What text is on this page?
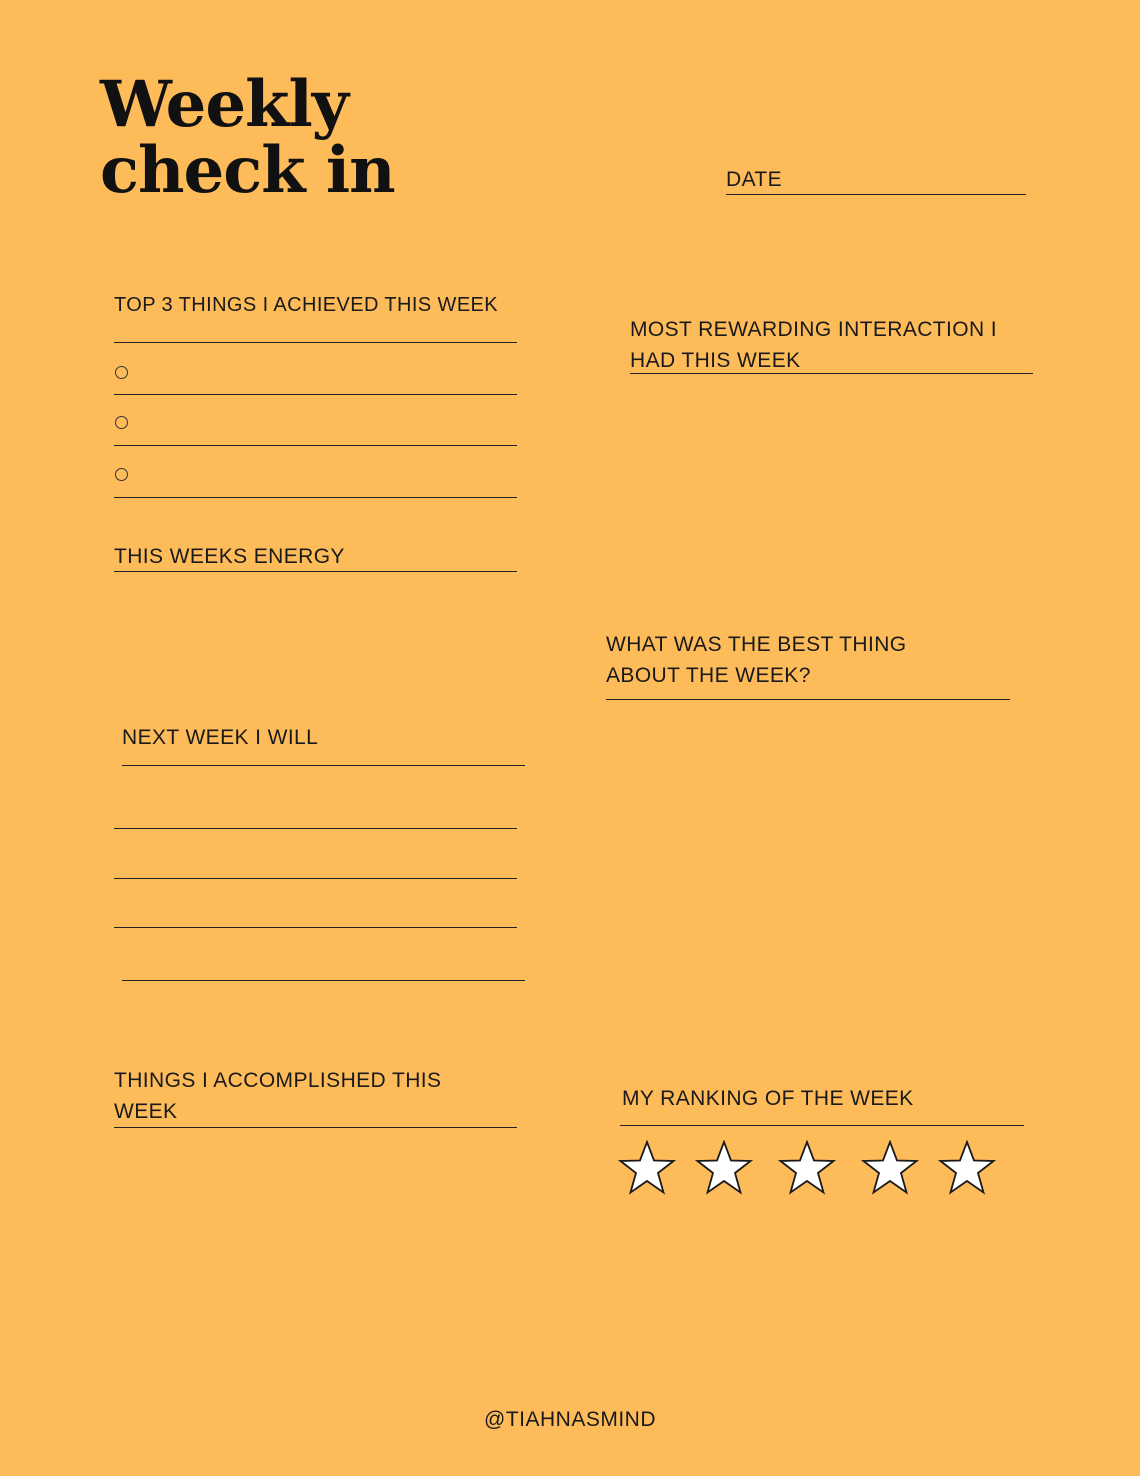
Weekly
check in	DATE
TOP 3 THINGS I ACHIEVED THIS WEEK
THIS WEEKS ENERGY
NEXT WEEK I WILL
THINGS I ACCOMPLISHED THIS
WEEK
MOST REWARDING INTERACTION I
HAD THIS WEEK
WHAT WAS THE BEST THING
ABOUT THE WEEK?
MY RANKING OF THE WEEK
@TIAHNASMIND
